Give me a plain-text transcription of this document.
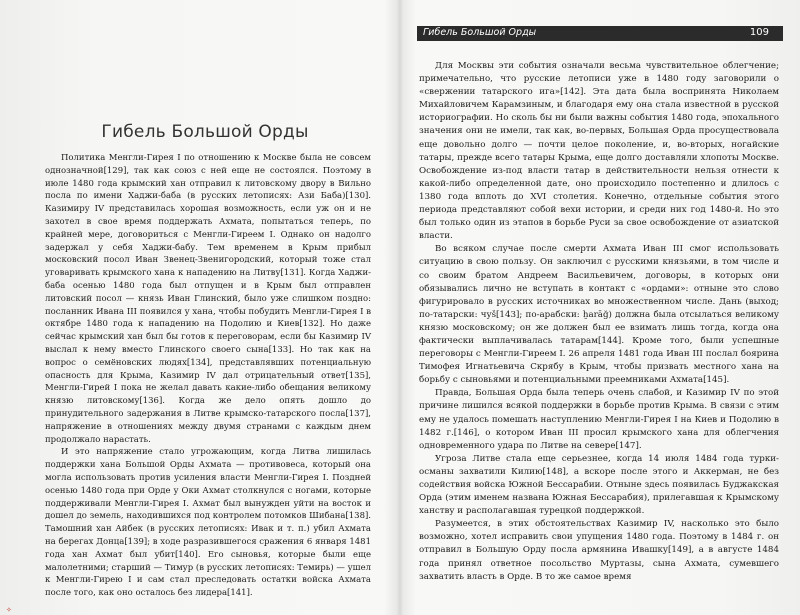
Гибель Большой Орды

Политика Менгли-Гирея I по отношению к Москве была не совсем однозначной[129], так как союз с ней еще не состоялся. Поэтому в июле 1480 года крымский хан отправил к литовскому двору в Вильно посла по имени Хаджи-баба (в русских летописях: Ази Баба)[130]. Казимиру IV представилась хорошая возможность, если уж он и не захотел в свое время поддержать Ахмата, попытаться теперь, по крайней мере, договориться с Менгли-Гиреем I. Однако он надолго задержал у себя Хаджи-бабу. Тем временем в Крым прибыл московский посол Иван Звенец-Звенигородский, который тоже стал уговаривать крымского хана к нападению на Литву[131]. Когда Хаджи-баба осенью 1480 года был отпущен и в Крым был отправлен литовский посол — князь Иван Глинский, было уже слишком поздно: посланник Ивана III появился у хана, чтобы побудить Менгли-Гирея I в октябре 1480 года к нападению на Подолию и Киев[132]. Но даже сейчас крымский хан был бы готов к переговорам, если бы Казимир IV выслал к нему вместо Глинского своего сына[133]. Но так как на вопрос о семёновских людях[134], представлявших потенциальную опасность для Крыма, Казимир IV дал отрицательный ответ[135], Менгли-Гирей I пока не желал давать какие-либо обещания великому князю литовскому[136]. Когда же дело опять дошло до принудительного задержания в Литве крымско-татарского посла[137], напряжение в отношениях между двумя странами с каждым днем продолжало нарастать.

И это напряжение стало угрожающим, когда Литва лишилась поддержки хана Большой Орды Ахмата — противовеса, который она могла использовать против усиления власти Менгли-Гирея I. Поздней осенью 1480 года при Орде у Оки Ахмат столкнулся с ногами, которые поддерживали Менгли-Гирея I. Ахмат был вынужден уйти на восток и дошел до земель, находившихся под контролем потомков Шибана[138]. Тамошний хан Айбек (в русских летописях: Ивак и т. п.) убил Ахмата на берегах Донца[139]; в ходе разразившегося сражения 6 января 1481 года хан Ахмат был убит[140]. Его сыновья, которые были еще малолетними; старший — Тимур (в русских летописях: Темирь) — ушел к Менгли-Гирею I и сам стал преследовать остатки войска Ахмата после того, как оно осталось без лидера[141].

✧
Гибель Большой Орды	109

Для Москвы эти события означали весьма чувствительное облегчение; примечательно, что русские летописи уже в 1480 году заговорили о «свержении татарского ига»[142]. Эта дата была воспринята Николаем Михайловичем Карамзиным, и благодаря ему она стала известной в русской историографии. Но сколь бы ни были важны события 1480 года, эпохального значения они не имели, так как, во-первых, Большая Орда просуществовала еще довольно долго — почти целое поколение, и, во-вторых, ногайские татары, прежде всего татары Крыма, еще долго доставляли хлопоты Москве. Освобождение из-под власти татар в действительности нельзя отнести к какой-либо определенной дате, оно происходило постепенно и длилось с 1380 года вплоть до XVI столетия. Конечно, отдельные события этого периода представляют собой вехи истории, и среди них год 1480-й. Но это был только один из этапов в борьбе Руси за свое освобождение от азиатской власти.

Во всяком случае после смерти Ахмата Иван III смог использовать ситуацию в свою пользу. Он заключил с русскими князьями, в том числе и со своим братом Андреем Васильевичем, договоры, в которых они обязывались лично не вступать в контакт с «ордами»: отныне это слово фигурировало в русских источниках во множественном числе. Дань (выход; по-татарски: чуš[143]; по-арабски: ḫarāğ) должна была отсылаться великому князю московскому; он же должен был ее взимать лишь тогда, когда она фактически выплачивалась татарам[144]. Кроме того, были успешные переговоры с Менгли-Гиреем I. 26 апреля 1481 года Иван III послал боярина Тимофея Игнатьевича Скрябу в Крым, чтобы призвать местного хана на борьбу с сыновьями и потенциальными преемниками Ахмата[145].

Правда, Большая Орда была теперь очень слабой, и Казимир IV по этой причине лишился всякой поддержки в борьбе против Крыма. В связи с этим ему не удалось помешать наступлению Менгли-Гирея I на Киев и Подолию в 1482 г.[146], о котором Иван III просил крымского хана для облегчения одновременного удара по Литве на севере[147].

Угроза Литве стала еще серьезнее, когда 14 июля 1484 года турки-османы захватили Килию[148], а вскоре после этого и Аккерман, не без содействия войска Южной Бессарабии. Отныне здесь появилась Буджакская Орда (этим именем названа Южная Бессарабия), прилегавшая к Крымскому ханству и располагавшая турецкой поддержкой.

Разумеется, в этих обстоятельствах Казимир IV, насколько это было возможно, хотел исправить свои упущения 1480 года. Поэтому в 1484 г. он отправил в Большую Орду посла армянина Ивашку[149], а в августе 1484 года принял ответное посольство Муртазы, сына Ахмата, сумевшего захватить власть в Орде. В то же самое время
